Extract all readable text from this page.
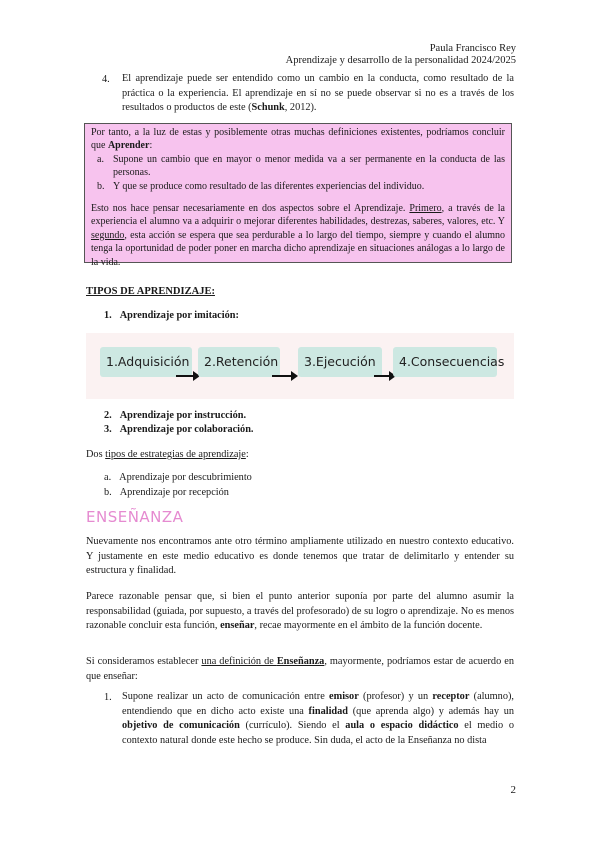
Paula Francisco Rey
Aprendizaje y desarrollo de la personalidad 2024/2025
4. El aprendizaje puede ser entendido como un cambio en la conducta, como resultado de la práctica o la experiencia. El aprendizaje en sí no se puede observar si no es a través de los resultados o productos de este (Schunk, 2012).
Por tanto, a la luz de estas y posiblemente otras muchas definiciones existentes, podríamos concluir que Aprender:
a. Supone un cambio que en mayor o menor medida va a ser permanente en la conducta de las personas.
b. Y que se produce como resultado de las diferentes experiencias del individuo.
Esto nos hace pensar necesariamente en dos aspectos sobre el Aprendizaje. Primero, a través de la experiencia el alumno va a adquirir o mejorar diferentes habilidades, destrezas, saberes, valores, etc. Y segundo, esta acción se espera que sea perdurable a lo largo del tiempo, siempre y cuando el alumno tenga la oportunidad de poder poner en marcha dicho aprendizaje en situaciones análogas a lo largo de la vida.
TIPOS DE APRENDIZAJE:
1. Aprendizaje por imitación:
1.Adquisición	2.Retención	3.Ejecución	4.Consecuencias
2. Aprendizaje por instrucción.
3. Aprendizaje por colaboración.
Dos tipos de estrategias de aprendizaje:
a. Aprendizaje por descubrimiento
b. Aprendizaje por recepción
ENSEÑANZA
Nuevamente nos encontramos ante otro término ampliamente utilizado en nuestro contexto educativo. Y justamente en este medio educativo es donde tenemos que tratar de delimitarlo y entender su estructura y finalidad.
Parece razonable pensar que, si bien el punto anterior suponía por parte del alumno asumir la responsabilidad (guiada, por supuesto, a través del profesorado) de su logro o aprendizaje. No es menos razonable concluir esta función, enseñar, recae mayormente en el ámbito de la función docente.
Si consideramos establecer una definición de Enseñanza, mayormente, podríamos estar de acuerdo en que enseñar:
1. Supone realizar un acto de comunicación entre emisor (profesor) y un receptor (alumno), entendiendo que en dicho acto existe una finalidad (que aprenda algo) y además hay un objetivo de comunicación (currículo). Siendo el aula o espacio didáctico el medio o contexto natural donde este hecho se produce. Sin duda, el acto de la Enseñanza no dista
2
